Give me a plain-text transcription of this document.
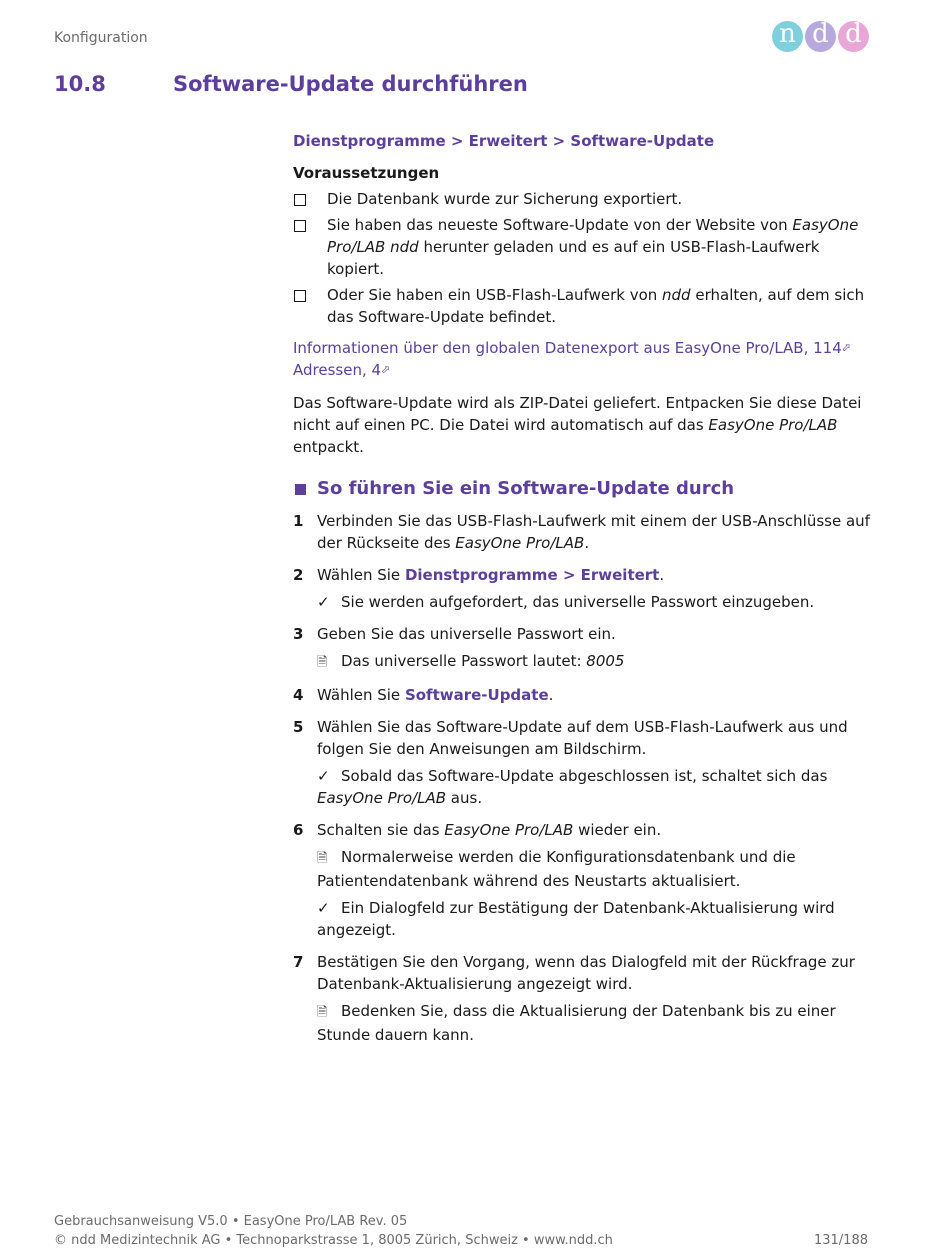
Konfiguration	n d d
10.8	Software-Update durchführen
Dienstprogramme > Erweitert > Software-Update
Voraussetzungen
Die Datenbank wurde zur Sicherung exportiert.
Sie haben das neueste Software-Update von der Website von EasyOne Pro/LAB ndd herunter geladen und es auf ein USB-Flash-Laufwerk kopiert.
Oder Sie haben ein USB-Flash-Laufwerk von ndd erhalten, auf dem sich das Software-Update befindet.
Informationen über den globalen Datenexport aus EasyOne Pro/LAB, 114⬀
Adressen, 4⬀
Das Software-Update wird als ZIP-Datei geliefert. Entpacken Sie diese Datei nicht auf einen PC. Die Datei wird automatisch auf das EasyOne Pro/LAB entpackt.
So führen Sie ein Software-Update durch
1 Verbinden Sie das USB-Flash-Laufwerk mit einem der USB-Anschlüsse auf der Rückseite des EasyOne Pro/LAB.
2 Wählen Sie Dienstprogramme > Erweitert.
✓ Sie werden aufgefordert, das universelle Passwort einzugeben.
3 Geben Sie das universelle Passwort ein.
🗎 Das universelle Passwort lautet: 8005
4 Wählen Sie Software-Update.
5 Wählen Sie das Software-Update auf dem USB-Flash-Laufwerk aus und folgen Sie den Anweisungen am Bildschirm.
✓ Sobald das Software-Update abgeschlossen ist, schaltet sich das EasyOne Pro/LAB aus.
6 Schalten sie das EasyOne Pro/LAB wieder ein.
🗎 Normalerweise werden die Konfigurationsdatenbank und die Patientendatenbank während des Neustarts aktualisiert.
✓ Ein Dialogfeld zur Bestätigung der Datenbank-Aktualisierung wird angezeigt.
7 Bestätigen Sie den Vorgang, wenn das Dialogfeld mit der Rückfrage zur Datenbank-Aktualisierung angezeigt wird.
🗎 Bedenken Sie, dass die Aktualisierung der Datenbank bis zu einer Stunde dauern kann.
Gebrauchsanweisung V5.0 • EasyOne Pro/LAB Rev. 05
© ndd Medizintechnik AG • Technoparkstrasse 1, 8005 Zürich, Schweiz • www.ndd.ch	131/188
